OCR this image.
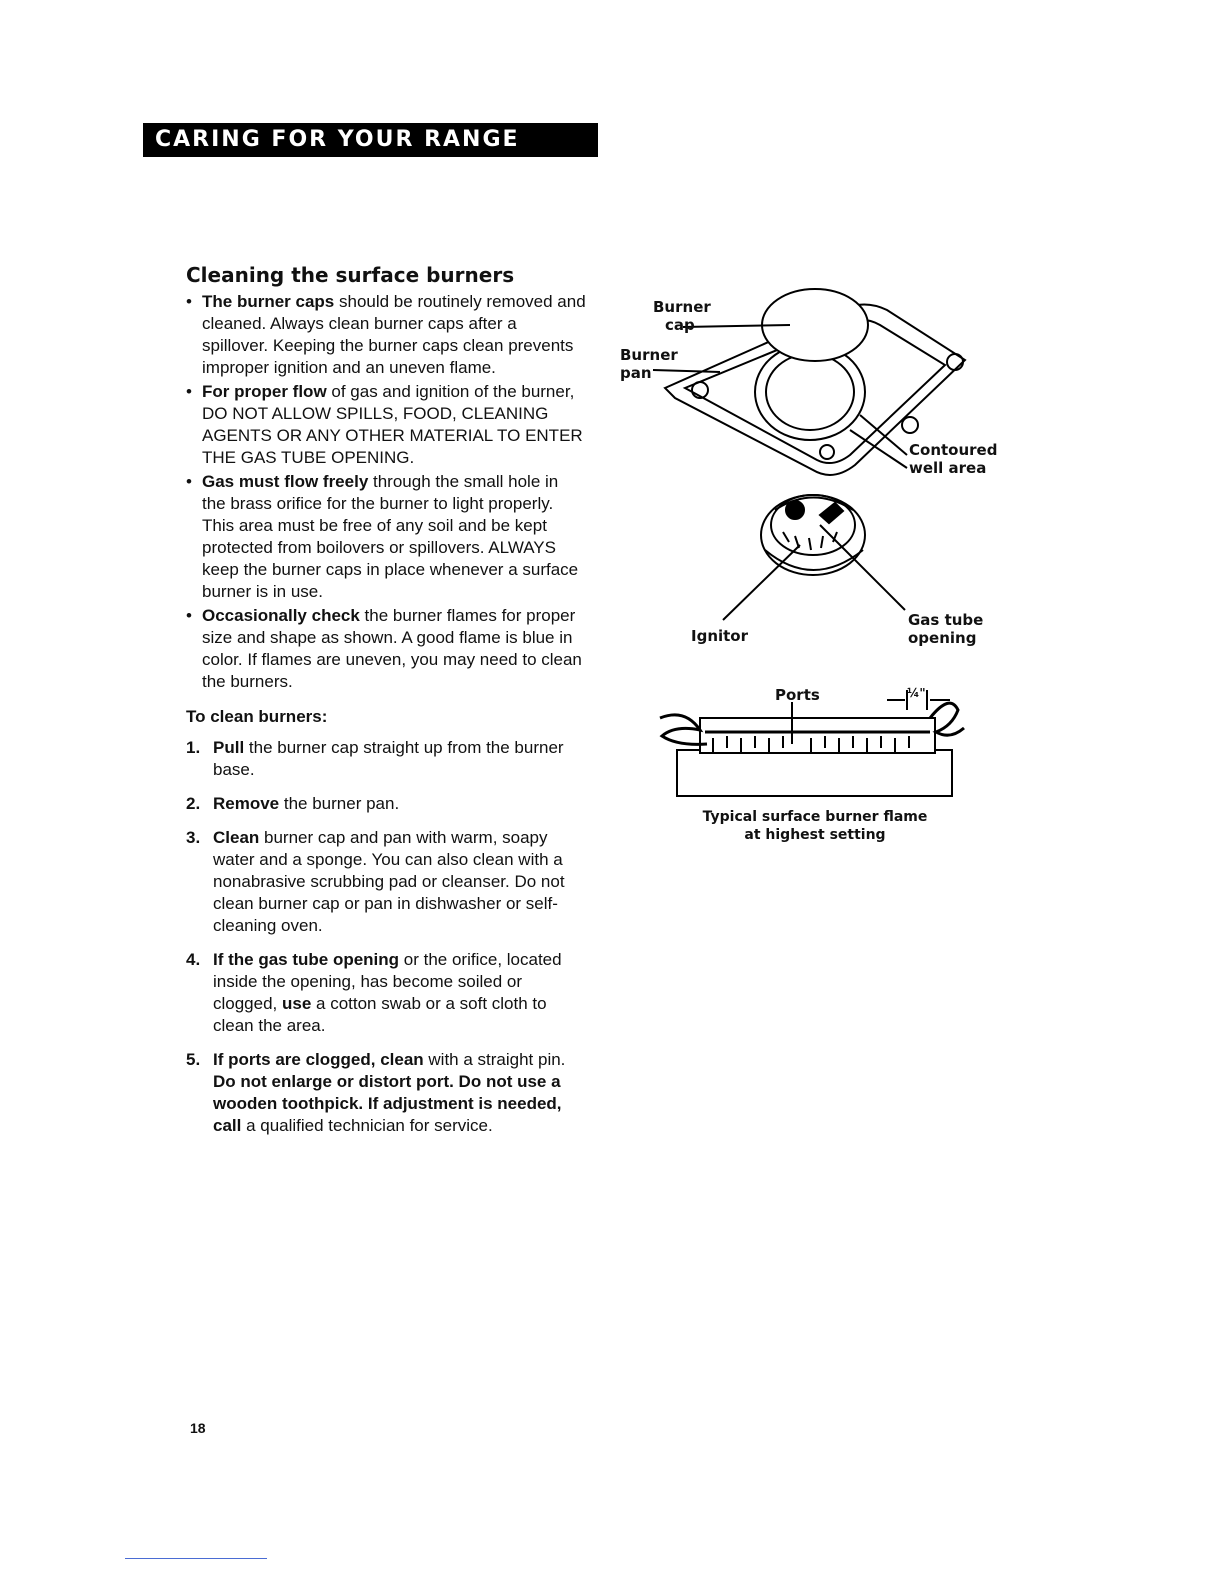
CARING FOR YOUR RANGE
Cleaning the surface burners
• The burner caps should be routinely removed and cleaned. Always clean burner caps after a spillover. Keeping the burner caps clean prevents improper ignition and an uneven flame.
• For proper flow of gas and ignition of the burner, DO NOT ALLOW SPILLS, FOOD, CLEANING AGENTS OR ANY OTHER MATERIAL TO ENTER THE GAS TUBE OPENING.
• Gas must flow freely through the small hole in the brass orifice for the burner to light properly. This area must be free of any soil and be kept protected from boilovers or spillovers. ALWAYS keep the burner caps in place whenever a surface burner is in use.
• Occasionally check the burner flames for proper size and shape as shown. A good flame is blue in color. If flames are uneven, you may need to clean the burners.
To clean burners:
1. Pull the burner cap straight up from the burner base.
2. Remove the burner pan.
3. Clean burner cap and pan with warm, soapy water and a sponge. You can also clean with a nonabrasive scrubbing pad or cleanser. Do not clean burner cap or pan in dishwasher or self-cleaning oven.
4. If the gas tube opening or the orifice, located inside the opening, has become soiled or clogged, use a cotton swab or a soft cloth to clean the area.
5. If ports are clogged, clean with a straight pin. Do not enlarge or distort port. Do not use a wooden toothpick. If adjustment is needed, call a qualified technician for service.
Burner
cap
Burner
pan
Contoured
well area
Gas tube
opening
Ignitor
Ports	¼"
Typical surface burner flame
at highest setting
18
